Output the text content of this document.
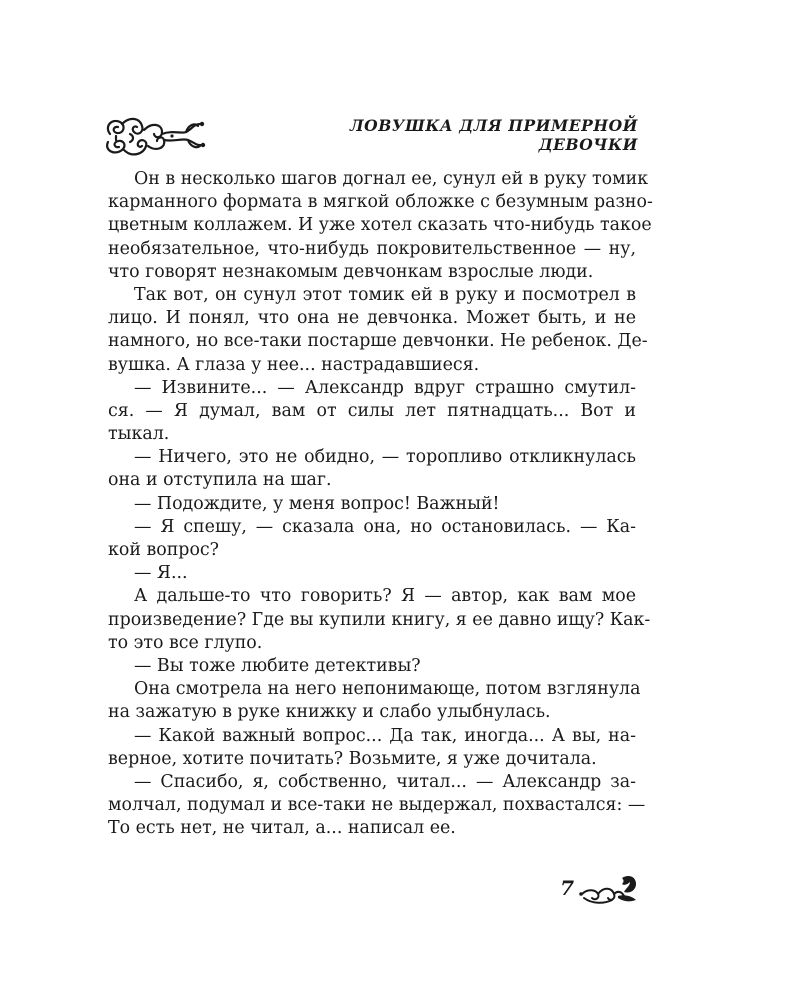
ЛОВУШКА ДЛЯ ПРИМЕРНОЙ ДЕВОЧКИ

Он в несколько шагов догнал ее, сунул ей в руку томик
карманного формата в мягкой обложке с безумным разно-
цветным коллажем. И уже хотел сказать что-нибудь такое
необязательное, что-нибудь покровительственное — ну,
что говорят незнакомым девчонкам взрослые люди.

Так вот, он сунул этот томик ей в руку и посмотрел в
лицо. И понял, что она не девчонка. Может быть, и не
намного, но все-таки постарше девчонки. Не ребенок. Де-
вушка. А глаза у нее... настрадавшиеся.

— Извините... — Александр вдруг страшно смутил-
ся. — Я думал, вам от силы лет пятнадцать... Вот и
тыкал.

— Ничего, это не обидно, — торопливо откликнулась
она и отступила на шаг.

— Подождите, у меня вопрос! Важный!

— Я спешу, — сказала она, но остановилась. — Ка-
кой вопрос?

— Я...

А дальше-то что говорить? Я — автор, как вам мое
произведение? Где вы купили книгу, я ее давно ищу? Как-
то это все глупо.

— Вы тоже любите детективы?

Она смотрела на него непонимающе, потом взглянула
на зажатую в руке книжку и слабо улыбнулась.

— Какой важный вопрос... Да так, иногда... А вы, на-
верное, хотите почитать? Возьмите, я уже дочитала.

— Спасибо, я, собственно, читал... — Александр за-
молчал, подумал и все-таки не выдержал, похвастался: —
То есть нет, не читал, а... написал ее.

7
